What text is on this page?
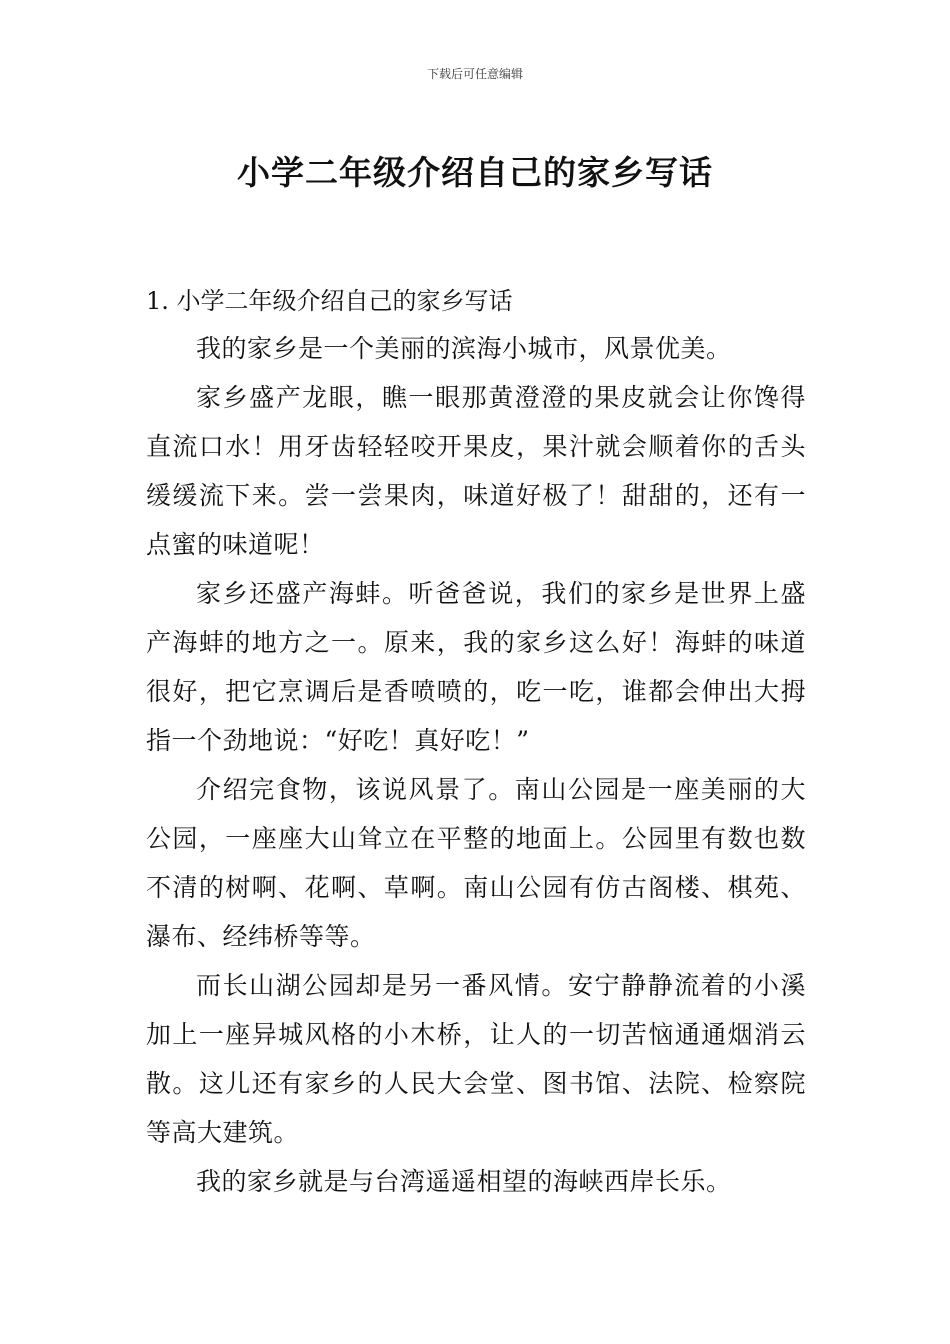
下载后可任意编辑
小学二年级介绍自己的家乡写话

1. 小学二年级介绍自己的家乡写话

我的家乡是一个美丽的滨海小城市，风景优美。

家乡盛产龙眼，瞧一眼那黄澄澄的果皮就会让你馋得直流口水！用牙齿轻轻咬开果皮，果汁就会顺着你的舌头缓缓流下来。尝一尝果肉，味道好极了！甜甜的，还有一点蜜的味道呢！

家乡还盛产海蚌。听爸爸说，我们的家乡是世界上盛产海蚌的地方之一。原来，我的家乡这么好！海蚌的味道很好，把它烹调后是香喷喷的，吃一吃，谁都会伸出大拇指一个劲地说：“好吃！真好吃！”

介绍完食物，该说风景了。南山公园是一座美丽的大公园，一座座大山耸立在平整的地面上。公园里有数也数不清的树啊、花啊、草啊。南山公园有仿古阁楼、棋苑、瀑布、经纬桥等等。

而长山湖公园却是另一番风情。安宁静静流着的小溪加上一座异城风格的小木桥，让人的一切苦恼通通烟消云散。这儿还有家乡的人民大会堂、图书馆、法院、检察院等高大建筑。

我的家乡就是与台湾遥遥相望的海峡西岸长乐。
